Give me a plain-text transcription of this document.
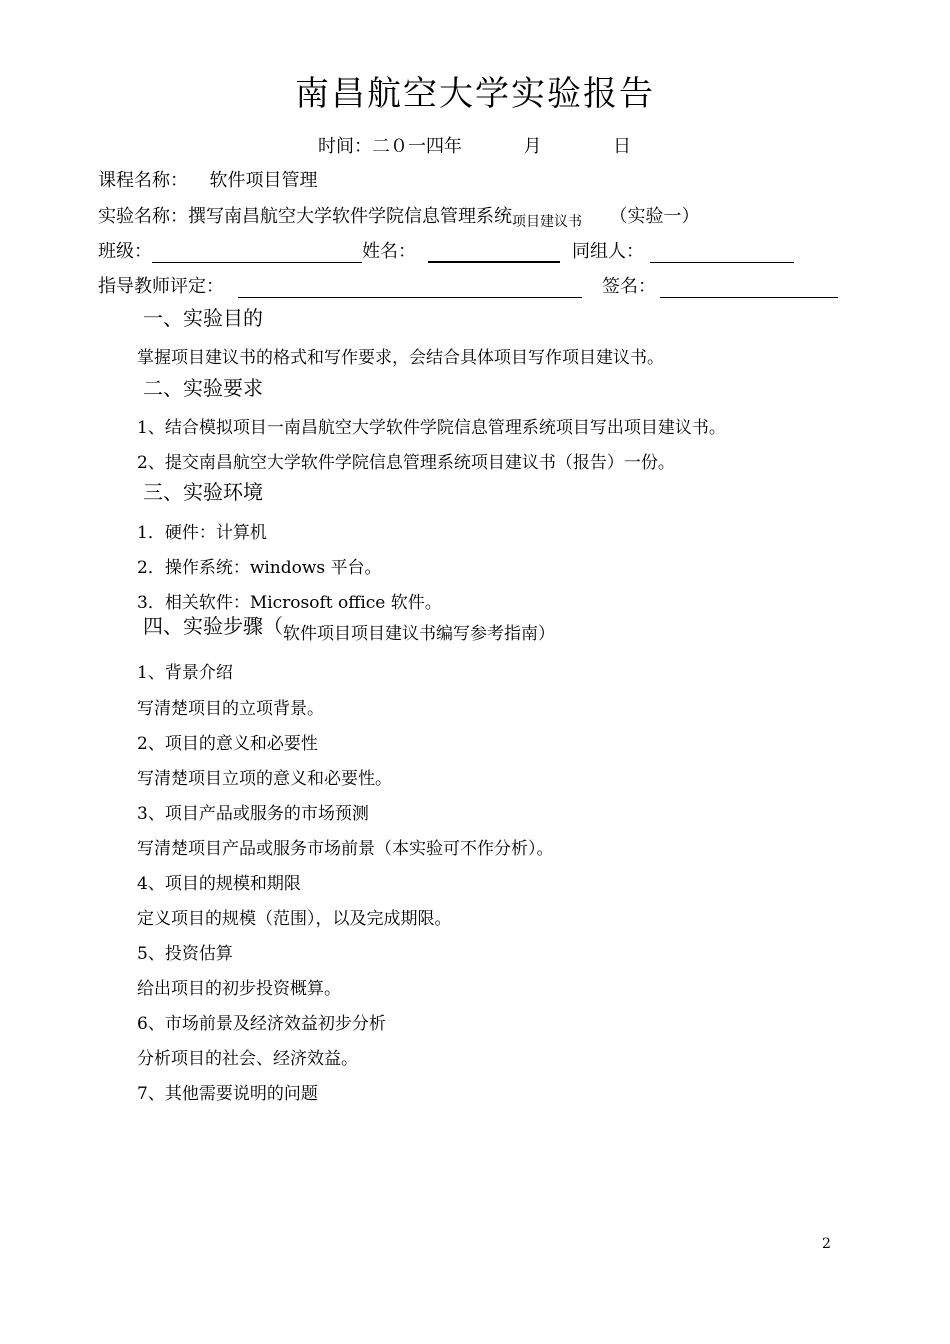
南昌航空大学实验报告
时间：二０一四年	月	日
课程名称： 软件项目管理
实验名称：撰写南昌航空大学软件学院信息管理系统$_{项目建议书}$ （实验一）
班级：	姓名：	同组人：
指导教师评定：	签名：
一、实验目的
掌握项目建议书的格式和写作要求，会结合具体项目写作项目建议书。
二、实验要求
1、结合模拟项目一南昌航空大学软件学院信息管理系统项目写出项目建议书。
2、提交南昌航空大学软件学院信息管理系统项目建议书（报告）一份。
三、实验环境
1．硬件：计算机
2．操作系统：windows 平台。
3．相关软件：Microsoft office 软件。
四、实验步骤（软件项目项目建议书编写参考指南）
1、背景介绍
写清楚项目的立项背景。
2、项目的意义和必要性
写清楚项目立项的意义和必要性。
3、项目产品或服务的市场预测
写清楚项目产品或服务市场前景（本实验可不作分析）。
4、项目的规模和期限
定义项目的规模（范围），以及完成期限。
5、投资估算
给出项目的初步投资概算。
6、市场前景及经济效益初步分析
分析项目的社会、经济效益。
7、其他需要说明的问题
2
